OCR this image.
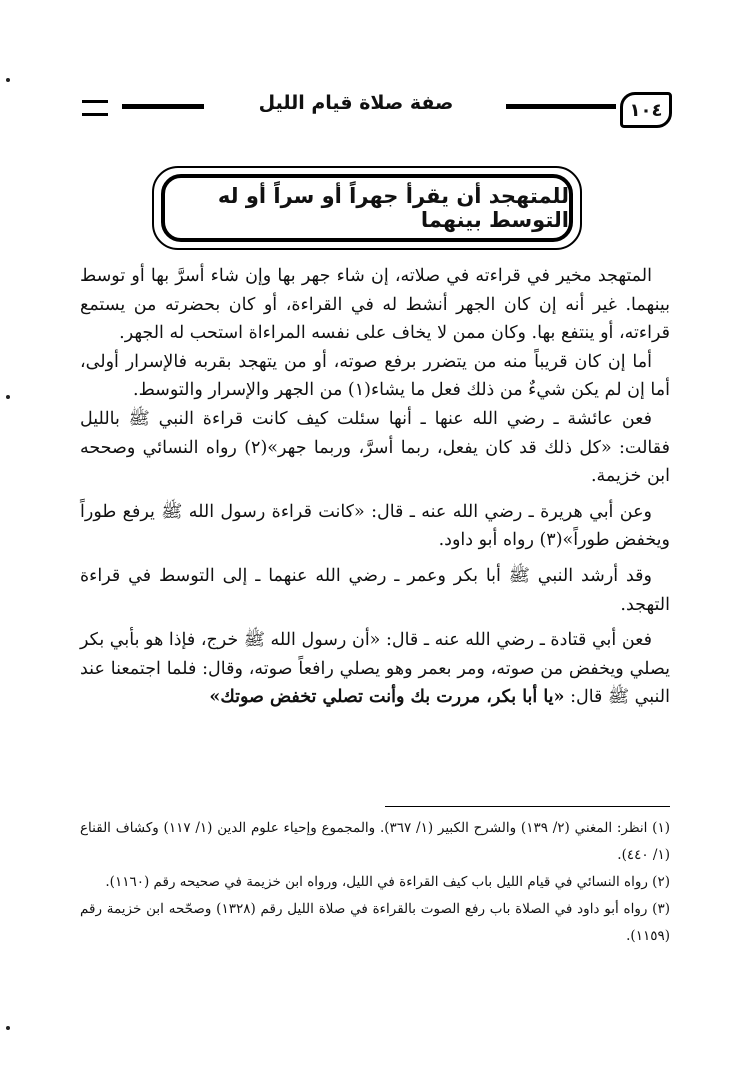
١٠٤
صفة صلاة قيام الليل
للمتهجد أن يقرأ جهراً أو سراً أو له التوسط بينهما

المتهجد مخير في قراءته في صلاته، إن شاء جهر بها وإن شاء أسرَّ بها أو توسط بينهما. غير أنه إن كان الجهر أنشط له في القراءة، أو كان بحضرته من يستمع قراءته، أو ينتفع بها. وكان ممن لا يخاف على نفسه المراءاة استحب له الجهر.

أما إن كان قريباً منه من يتضرر برفع صوته، أو من يتهجد بقربه فالإسرار أولى، أما إن لم يكن شيءٌ من ذلك فعل ما يشاء(١) من الجهر والإسرار والتوسط.

فعن عائشة ـ رضي الله عنها ـ أنها سئلت كيف كانت قراءة النبي ﷺ بالليل فقالت: «كل ذلك قد كان يفعل، ربما أسرَّ، وربما جهر»(٢) رواه النسائي وصححه ابن خزيمة.

وعن أبي هريرة ـ رضي الله عنه ـ قال: «كانت قراءة رسول الله ﷺ يرفع طوراً ويخفض طوراً»(٣) رواه أبو داود.

وقد أرشد النبي ﷺ أبا بكر وعمر ـ رضي الله عنهما ـ إلى التوسط في قراءة التهجد.

فعن أبي قتادة ـ رضي الله عنه ـ قال: «أن رسول الله ﷺ خرج، فإذا هو بأبي بكر يصلي ويخفض من صوته، ومر بعمر وهو يصلي رافعاً صوته، وقال: فلما اجتمعنا عند النبي ﷺ قال: «يا أبا بكر، مررت بك وأنت تصلي تخفض صوتك»

(١) انظر: المغني (٢/ ١٣٩) والشرح الكبير (١/ ٣٦٧). والمجموع وإحياء علوم الدين (١/ ١١٧) وكشاف القناع (١/ ٤٤٠).

(٢) رواه النسائي في قيام الليل باب كيف القراءة في الليل، ورواه ابن خزيمة في صحيحه رقم (١١٦٠).

(٣) رواه أبو داود في الصلاة باب رفع الصوت بالقراءة في صلاة الليل رقم (١٣٢٨) وصحّحه ابن خزيمة رقم (١١٥٩).
